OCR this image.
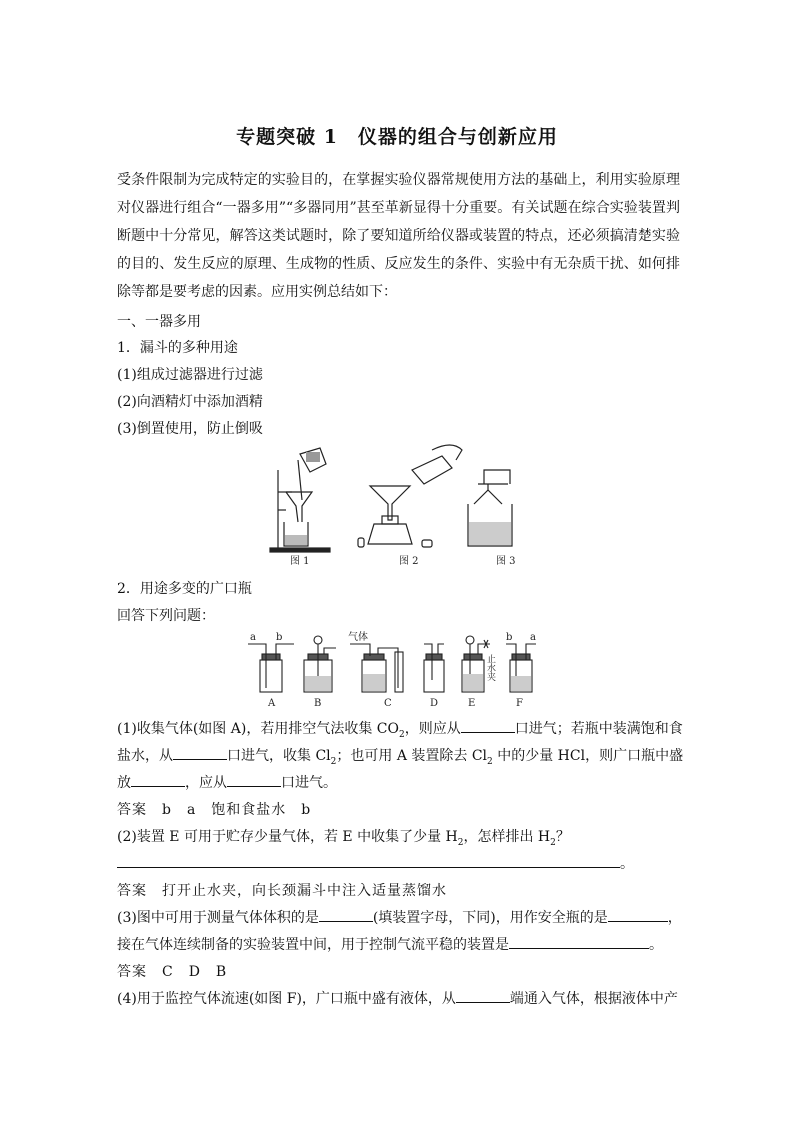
专题突破 1　仪器的组合与创新应用
受条件限制为完成特定的实验目的，在掌握实验仪器常规使用方法的基础上，利用实验原理对仪器进行组合“一器多用”“多器同用”甚至革新显得十分重要。有关试题在综合实验装置判断题中十分常见，解答这类试题时，除了要知道所给仪器或装置的特点，还必须搞清楚实验的目的、发生反应的原理、生成物的性质、反应发生的条件、实验中有无杂质干扰、如何排除等都是要考虑的因素。应用实例总结如下：
一、一器多用
1．漏斗的多种用途
(1)组成过滤器进行过滤
(2)向酒精灯中添加酒精
(3)倒置使用，防止倒吸
图 1	图 2	图 3
2．用途多变的广口瓶
回答下列问题：
a b	气体	b a
止水夹
A	B	C	D	E	F
(1)收集气体(如图 A)，若用排空气法收集 $CO_2$，则应从	口进气；若瓶中装满饱和食
盐水，从	口进气，收集 $Cl_2$；也可用 A 装置除去 $Cl_2$ 中的少量 HCl，则广口瓶中盛
放	，应从	口进气。
答案　b　a　饱和食盐水　b
(2)装置 E 可用于贮存少量气体，若 E 中收集了少量 $H_2$，怎样排出 $H_2$？
。
答案　打开止水夹，向长颈漏斗中注入适量蒸馏水
(3)图中可用于测量气体体积的是	(填装置字母，下同)，用作安全瓶的是	，
接在气体连续制备的实验装置中间，用于控制气流平稳的装置是	。
答案　C　D　B
(4)用于监控气体流速(如图 F)，广口瓶中盛有液体，从	端通入气体，根据液体中产
